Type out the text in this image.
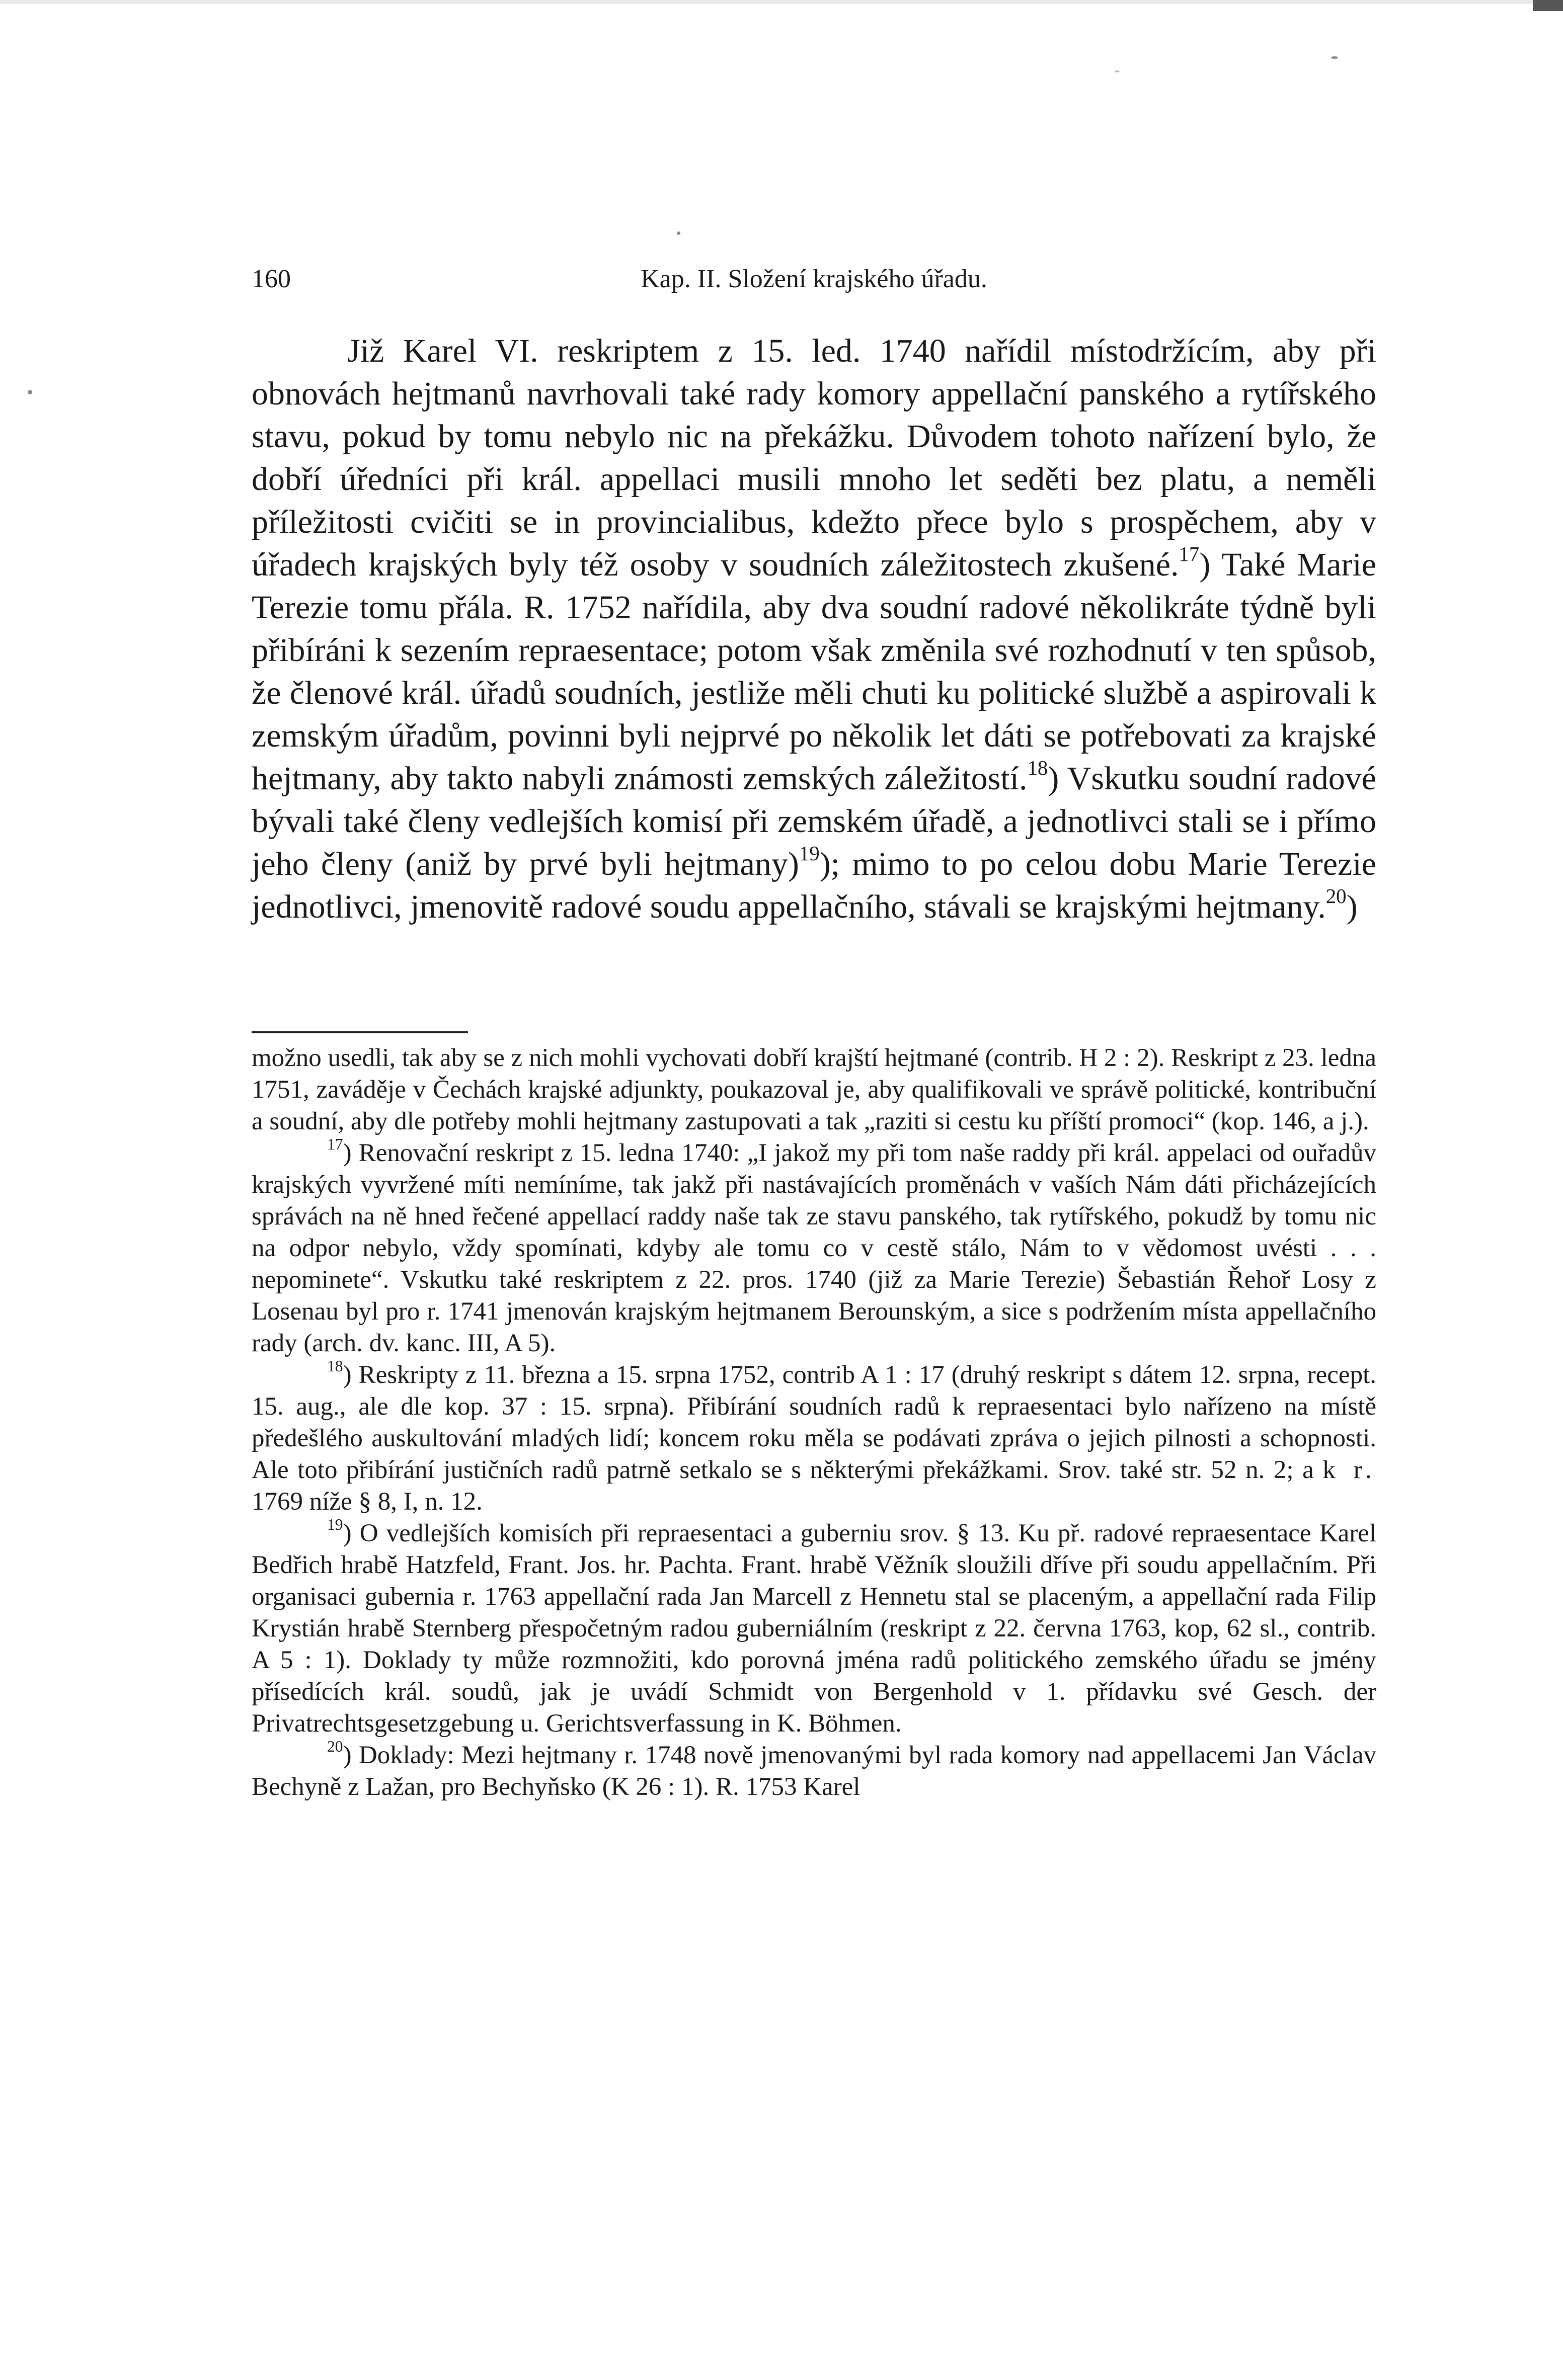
160	Kap. II. Složení krajského úřadu.

Již Karel VI. reskriptem z 15. led. 1740 nařídil místodržícím, aby při obnovách hejtmanů navrhovali také rady komory appellační panského a rytířského stavu, pokud by tomu nebylo nic na překážku. Důvodem tohoto nařízení bylo, že dobří úředníci při král. appellaci musili mnoho let seděti bez platu, a neměli příležitosti cvičiti se in provincialibus, kdežto přece bylo s prospěchem, aby v úřadech krajských byly též osoby v soudních záležitostech zkušené.$^{17}$) Také Marie Terezie tomu přála. R. 1752 nařídila, aby dva soudní radové několikráte týdně byli přibíráni k sezením repraesentace; potom však změnila své rozhodnutí v ten spůsob, že členové král. úřadů soudních, jestliže měli chuti ku politické službě a aspirovali k zemským úřadům, povinni byli nejprvé po několik let dáti se potřebovati za krajské hejtmany, aby takto nabyli známosti zemských záležitostí.$^{18}$) Vskutku soudní radové bývali také členy vedlejších komisí při zemském úřadě, a jednotlivci stali se i přímo jeho členy (aniž by prvé byli hejtmany)$^{19}$); mimo to po celou dobu Marie Terezie jednotlivci, jmenovitě radové soudu appellačního, stávali se krajskými hejtmany.$^{20}$)

možno usedli, tak aby se z nich mohli vychovati dobří krajští hejtmané (contrib. H 2 : 2). Reskript z 23. ledna 1751, zaváděje v Čechách krajské adjunkty, poukazoval je, aby qualifikovali ve správě politické, kontribuční a soudní, aby dle potřeby mohli hejtmany zastupovati a tak „raziti si cestu ku příští promoci“ (kop. 146, a j.).

$^{17}$) Renovační reskript z 15. ledna 1740: „I jakož my při tom naše raddy při král. appelaci od ouřadův krajských vyvržené míti nemíníme, tak jakž při nastávajících proměnách v vaších Nám dáti přicházejících správách na ně hned řečené appellací raddy naše tak ze stavu panského, tak rytířského, pokudž by tomu nic na odpor nebylo, vždy spomínati, kdyby ale tomu co v cestě stálo, Nám to v vědomost uvésti . . . nepominete“. Vskutku také reskriptem z 22. pros. 1740 (již za Marie Terezie) Šebastián Řehoř Losy z Losenau byl pro r. 1741 jmenován krajským hejtmanem Berounským, a sice s podržením místa appellačního rady (arch. dv. kanc. III, A 5).

$^{18}$) Reskripty z 11. března a 15. srpna 1752, contrib A 1 : 17 (druhý reskript s dátem 12. srpna, recept. 15. aug., ale dle kop. 37 : 15. srpna). Přibírání soudních radů k repraesentaci bylo nařízeno na místě předešlého auskultování mladých lidí; koncem roku měla se podávati zpráva o jejich pilnosti a schopnosti. Ale toto přibírání justičních radů patrně setkalo se s některými překážkami. Srov. také str. 52 n. 2; a k r. 1769 níže § 8, I, n. 12.

$^{19}$) O vedlejších komisích při repraesentaci a guberniu srov. § 13. Ku př. radové repraesentace Karel Bedřich hrabě Hatzfeld, Frant. Jos. hr. Pachta. Frant. hrabě Věžník sloužili dříve při soudu appellačním. Při organisaci gubernia r. 1763 appellační rada Jan Marcell z Hennetu stal se placeným, a appellační rada Filip Krystián hrabě Sternberg přespočetným radou guberniálním (reskript z 22. června 1763, kop, 62 sl., contrib. A 5 : 1). Doklady ty může rozmnožiti, kdo porovná jména radů politického zemského úřadu se jmény přísedících král. soudů, jak je uvádí Schmidt von Bergenhold v 1. přídavku své Gesch. der Privatrechtsgesetzgebung u. Gerichtsverfassung in K. Böhmen.

$^{20}$) Doklady: Mezi hejtmany r. 1748 nově jmenovanými byl rada komory nad appellacemi Jan Václav Bechyně z Lažan, pro Bechyňsko (K 26 : 1). R. 1753 Karel
